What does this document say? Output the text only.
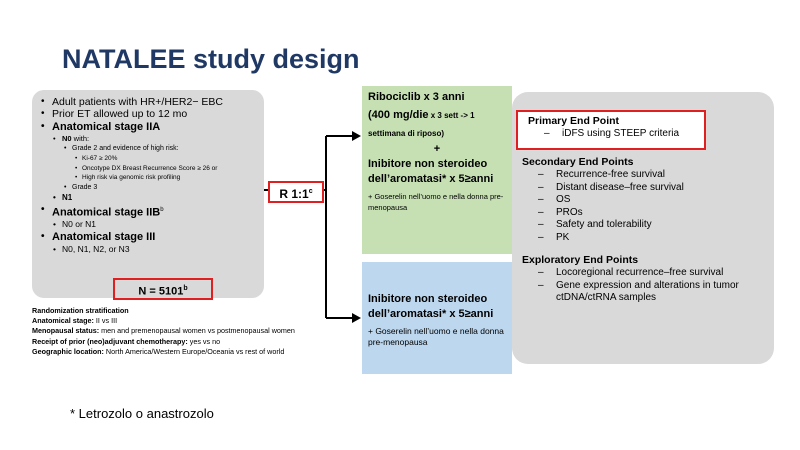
NATALEE study design
• Adult patients with HR+/HER2− EBC
• Prior ET allowed up to 12 mo
• Anatomical stage IIA
• N0 with:
• Grade 2 and evidence of high risk:
• Ki-67 ≥ 20%
• Oncotype DX Breast Recurrence Score ≥ 26 or
• High risk via genomic risk profiling
• Grade 3
• N1
• Anatomical stage IIB$^b$
• N0 or N1
• Anatomical stage III
• N0, N1, N2, or N3
$N = 5101^b$
R 1:1$^c$
Randomization stratification
Anatomical stage: II vs III
Menopausal status: men and premenopausal women vs postmenopausal women
Receipt of prior (neo)adjuvant chemotherapy: yes vs no
Geographic location: North America/Western Europe/Oceania vs rest of world
Ribociclib x 3 anni
(400 mg/die x 3 sett -> 1 settimana di riposo)
+
Inibitore non steroideo dell’aromatasi* x 5≥anni
+ Goserelin nell’uomo e nella donna pre-menopausa
Inibitore non steroideo dell’aromatasi* x 5≥anni
+ Goserelin nell’uomo e nella donna pre-menopausa
Secondary End Points
– Recurrence-free survival
– Distant disease–free survival
– OS
– PROs
– Safety and tolerability
– PK
Exploratory End Points
– Locoregional recurrence–free survival
– Gene expression and alterations in tumor ctDNA/ctRNA samples
Primary End Point
– iDFS using STEEP criteria
* Letrozolo o anastrozolo
